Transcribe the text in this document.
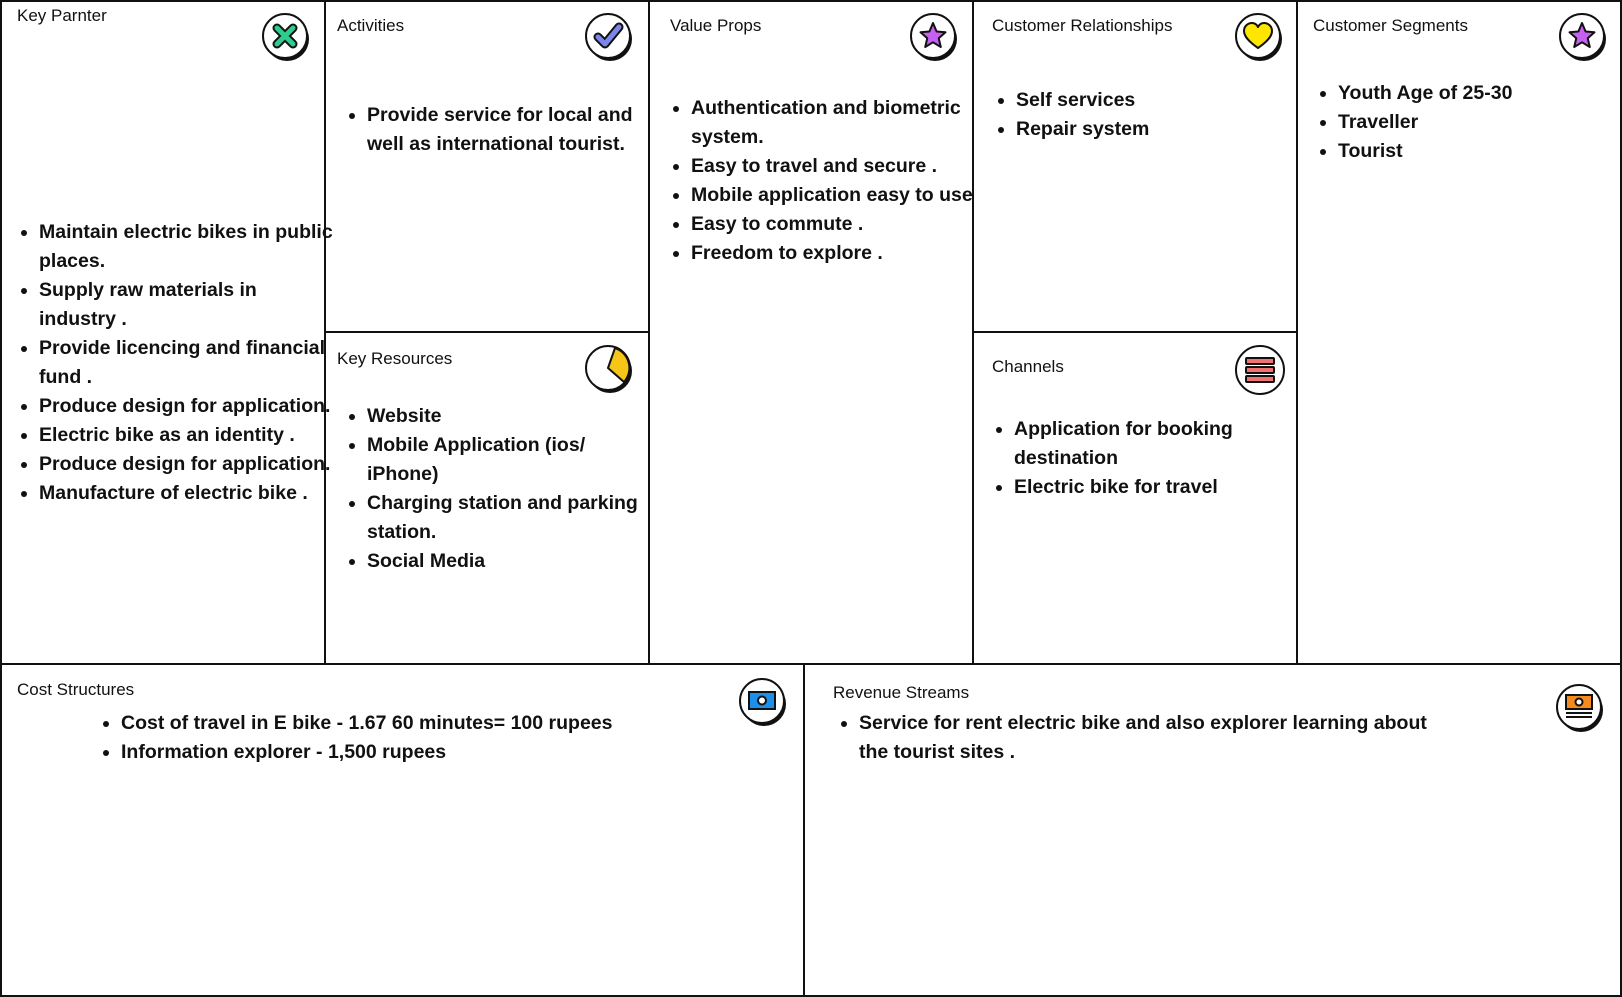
Key Parnter
Maintain electric bikes in public places.
Supply raw materials in industry .
Provide licencing and financial fund .
Produce design for application.
Electric bike as an identity .
Produce design for application.
Manufacture of electric bike .
Activities
Provide service for local and well as international tourist.
Key Resources
Website
Mobile Application (ios/ iPhone)
Charging station and parking station.
Social Media
Value Props
Authentication and biometric system.
Easy to travel and secure .
Mobile application easy to use
Easy to commute .
Freedom to explore .
Customer Relationships
Self services
Repair system
Channels
Application for booking destination
Electric bike for travel
Customer Segments
Youth Age of 25-30
Traveller
Tourist
Cost Structures
Cost of travel in E bike - 1.67 60 minutes= 100 rupees
Information explorer - 1,500 rupees
Revenue Streams
Service for rent electric bike and also explorer learning about the tourist sites .
